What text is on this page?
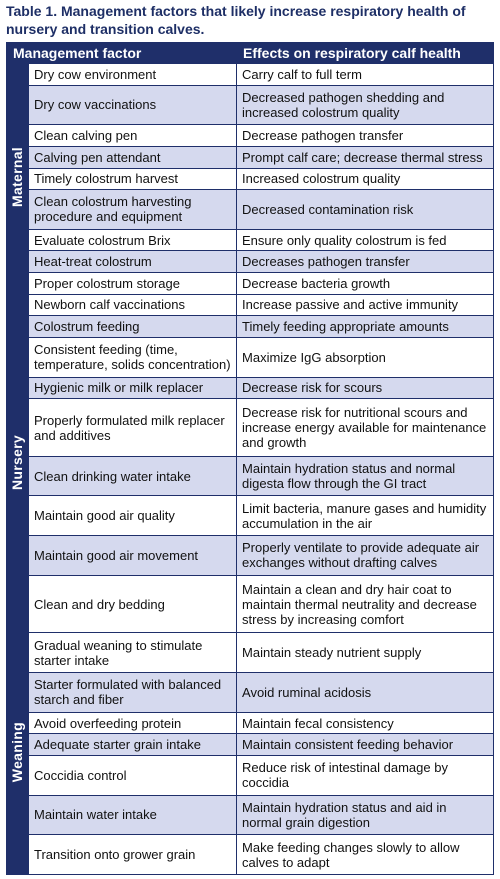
Table 1. Management factors that likely increase respiratory health of
nursery and transition calves.
Management factor		Effects on respiratory calf health
Maternal	Dry cow environment	Carry calf to full term
	Dry cow vaccinations	Decreased pathogen shedding and increased colostrum quality
	Clean calving pen	Decrease pathogen transfer
	Calving pen attendant	Prompt calf care; decrease thermal stress
	Timely colostrum harvest	Increased colostrum quality
	Clean colostrum harvesting procedure and equipment	Decreased contamination risk
	Evaluate colostrum Brix	Ensure only quality colostrum is fed
	Heat-treat colostrum	Decreases pathogen transfer
	Proper colostrum storage	Decrease bacteria growth
Nursery	Newborn calf vaccinations	Increase passive and active immunity
	Colostrum feeding	Timely feeding appropriate amounts
	Consistent feeding (time, temperature, solids concentration)	Maximize IgG absorption
	Hygienic milk or milk replacer	Decrease risk for scours
	Properly formulated milk replacer and additives	Decrease risk for nutritional scours and increase energy available for maintenance and growth
	Clean drinking water intake	Maintain hydration status and normal digesta flow through the GI tract
	Maintain good air quality	Limit bacteria, manure gases and humidity accumulation in the air
	Maintain good air movement	Properly ventilate to provide adequate air exchanges without drafting calves
	Clean and dry bedding	Maintain a clean and dry hair coat to maintain thermal neutrality and decrease stress by increasing comfort
Weaning	Gradual weaning to stimulate starter intake	Maintain steady nutrient supply
	Starter formulated with balanced starch and fiber	Avoid ruminal acidosis
	Avoid overfeeding protein	Maintain fecal consistency
	Adequate starter grain intake	Maintain consistent feeding behavior
	Coccidia control	Reduce risk of intestinal damage by coccidia
	Maintain water intake	Maintain hydration status and aid in normal grain digestion
	Transition onto grower grain	Make feeding changes slowly to allow calves to adapt
